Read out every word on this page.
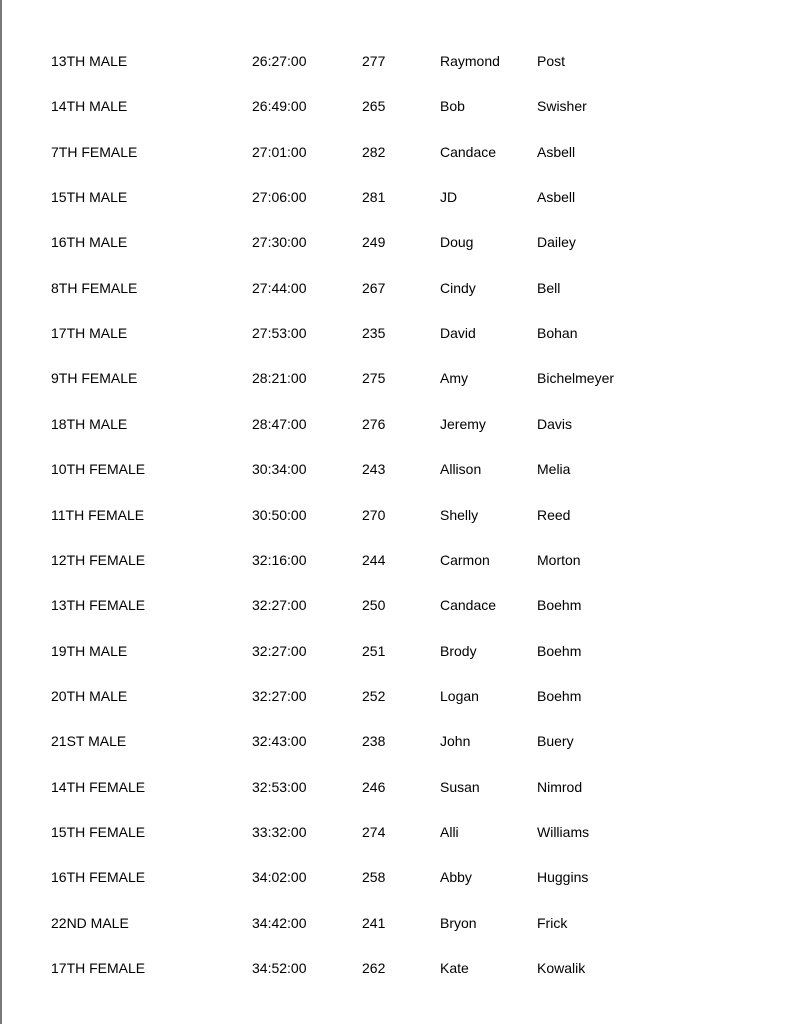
13TH MALE	26:27:00	277	Raymond	Post
14TH MALE	26:49:00	265	Bob	Swisher
7TH FEMALE	27:01:00	282	Candace	Asbell
15TH MALE	27:06:00	281	JD	Asbell
16TH MALE	27:30:00	249	Doug	Dailey
8TH FEMALE	27:44:00	267	Cindy	Bell
17TH MALE	27:53:00	235	David	Bohan
9TH FEMALE	28:21:00	275	Amy	Bichelmeyer
18TH MALE	28:47:00	276	Jeremy	Davis
10TH FEMALE	30:34:00	243	Allison	Melia
11TH FEMALE	30:50:00	270	Shelly	Reed
12TH FEMALE	32:16:00	244	Carmon	Morton
13TH FEMALE	32:27:00	250	Candace	Boehm
19TH MALE	32:27:00	251	Brody	Boehm
20TH MALE	32:27:00	252	Logan	Boehm
21ST MALE	32:43:00	238	John	Buery
14TH FEMALE	32:53:00	246	Susan	Nimrod
15TH FEMALE	33:32:00	274	Alli	Williams
16TH FEMALE	34:02:00	258	Abby	Huggins
22ND MALE	34:42:00	241	Bryon	Frick
17TH FEMALE	34:52:00	262	Kate	Kowalik
